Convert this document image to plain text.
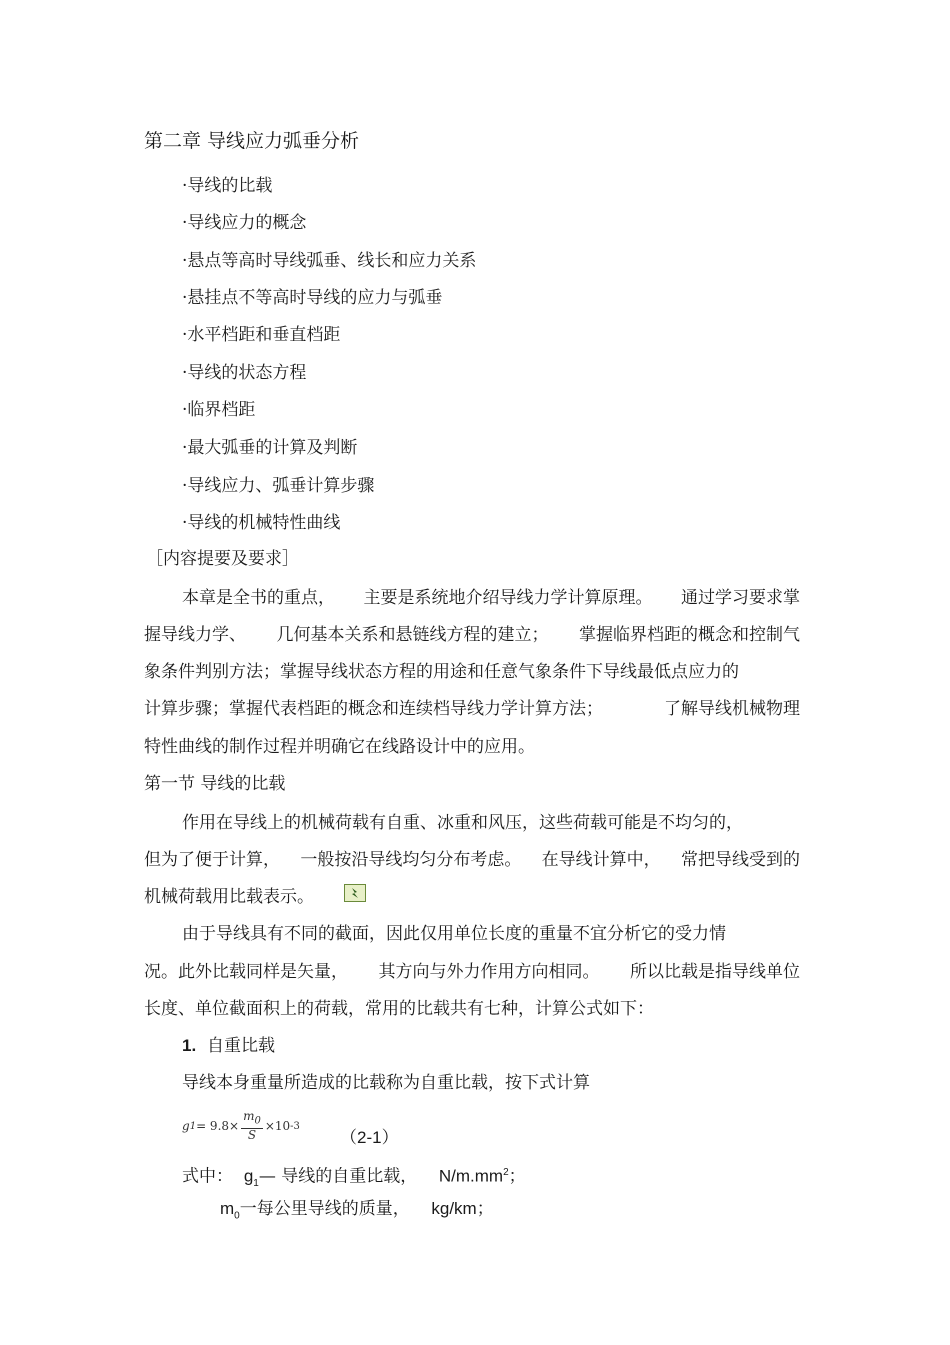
第二章 导线应力弧垂分析
·导线的比载
·导线应力的概念
·悬点等高时导线弧垂、线长和应力关系
·悬挂点不等高时导线的应力与弧垂
·水平档距和垂直档距
·导线的状态方程
·临界档距
·最大弧垂的计算及判断
·导线应力、弧垂计算步骤
·导线的机械特性曲线
［内容提要及要求］
本章是全书的重点， 主要是系统地介绍导线力学计算原理。 通过学习要求掌
握导线力学、 几何基本关系和悬链线方程的建立； 掌握临界档距的概念和控制气
象条件判别方法；掌握导线状态方程的用途和任意气象条件下导线最低点应力的
计算步骤；掌握代表档距的概念和连续档导线力学计算方法；	了解导线机械物理
特性曲线的制作过程并明确它在线路设计中的应用。
第一节 导线的比载
作用在导线上的机械荷载有自重、冰重和风压，这些荷载可能是不均匀的，
但为了便于计算， 一般按沿导线均匀分布考虑。 在导线计算中， 常把导线受到的
机械荷载用比载表示。
由于导线具有不同的截面，因此仅用单位长度的重量不宜分析它的受力情
况。此外比载同样是矢量， 其方向与外力作用方向相同。 所以比载是指导线单位
长度、单位截面积上的荷载，常用的比载共有七种，计算公式如下：
1. 自重比载
导线本身重量所造成的比载称为自重比载，按下式计算
g $1 = 9.8\times \frac{m_0}{S} \times 10$ -3
（2-1）
式中： $g_1—$ 导线的自重比载， $N/m.mm^2$；
$m_0$一每公里导线的质量， kg/km；
